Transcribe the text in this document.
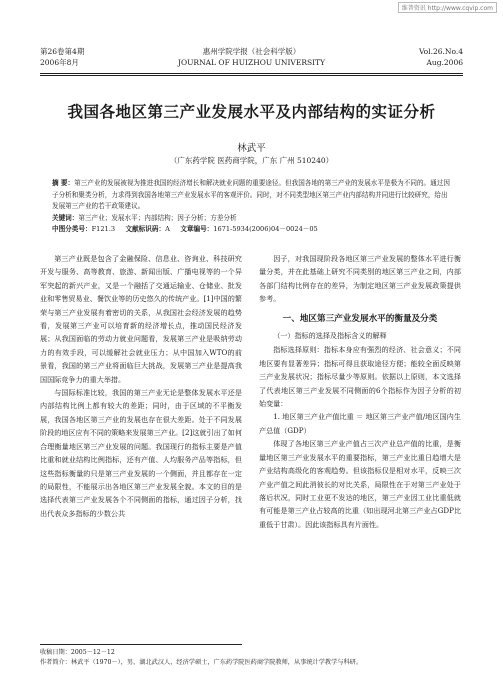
维普资讯 http://www.cqvip.com
第26卷第4期
2006年8月
惠州学院学报（社会科学版）
JOURNAL OF HUIZHOU UNIVERSITY
Vol.26.No.4
Aug.2006
我国各地区第三产业发展水平及内部结构的实证分析
林武平
（广东药学院 医药商学院，广东 广州 510240）
摘 要：第三产业的发展被视为推进我国的经济增长和解决就业问题的重要途径。但我国各地的第三产业的发展水平是极为不同的。通过因子分析和聚类分析，力求得到我国各地第三产业发展水平的客观评价。同时，对不同类型地区第三产业内部结构并同进行比较研究，给出发展第三产业的若干政策建议。
关键词：第三产业；发展水平；内部结构；因子分析；方差分析
中图分类号：F121.3 文献标识码：A 文章编号：1671-5934(2006)04－0024－05

第三产业既是包含了金融保险、信息业、咨询业、科技研究开发与服务、高等教育、旅游、新闻出版、广播电视等的一个异军突起的新兴产业，又是一个融括了交通运输业、仓储业、批发业和零售贸易业、餐饮业等的历史悠久的传统产业。[1]中国的繁荣与第三产业发展有着密切的关系，从我国社会经济发展的趋势看，发展第三产业可以培育新的经济增长点，推动国民经济发展；从我国面临的劳动力就业问题看，发展第三产业是吸纳劳动力的有效手段，可以缓解社会就业压力；从中国加入WTO的前景看，我国的第三产业将面临巨大挑战，发展第三产业是提高我国国际竞争力的重大举措。

与国际标准比较，我国的第三产业无论是整体发展水平还是内部结构比例上都有较大的差距；同时，由于区域的不平衡发展，我国各地区第三产业的发展也存在很大差距。处于不同发展阶段的地区应有不同的策略来发展第三产业。[2]这就引出了如何合理衡量地区第三产业发展的问题。我国现行的指标主要是产值比重和就业结构比例指标，还有产值、人均服务产品等指标，但这些指标衡量的只是第三产业发展的一个侧面，并且都存在一定的局限性，不能展示出各地区第三产业发展全貌。本文的目的是选择代表第三产业发展各个不同侧面的指标，通过因子分析，找出代表众多指标的少数公共

因子，对我国现阶段各地区第三产业发展的整体水平进行衡量分类，并在此基础上研究不同类别的地区第三产业之间，内部各部门结构比例存在的差异，为制定地区第三产业发展政策提供参考。

一、地区第三产业发展水平的衡量及分类
（一）指标的选择及指标含义的解释

指标选择原则：指标本身应有强烈的经济、社会意义；不同地区要有显著差异；指标可得且获取途径方便；能较全面反映第三产业发展状况；指标尽量少等原则。依据以上原则，本文选择了代表地区第三产业发展不同侧面的6个指标作为因子分析的初始变量：

1. 地区第三产业产值比重 ＝ 地区第三产业产值/地区国内生产总值（GDP）

体现了各地区第三产业产值占三次产业总产值的比重，是衡量地区第三产业发展水平的重要指标，第三产业比重日趋增大是产业结构高级化的客观趋势。但该指标仅是相对水平，反映三次产业产值之间此消彼长的对比关系，局限性在于对第三产业处于落后状况，同时工业更不发达的地区，第三产业因工业比重低就有可能是第三产业占较高的比重（如出现河北第三产业占GDP比重低于甘肃）。因此该指标具有片面性。

收稿日期：2005－12－12
作者简介：林武平（1970－），男，湖北武汉人，经济学硕士，广东药学院医药商学院教师，从事统计学教学与科研。
